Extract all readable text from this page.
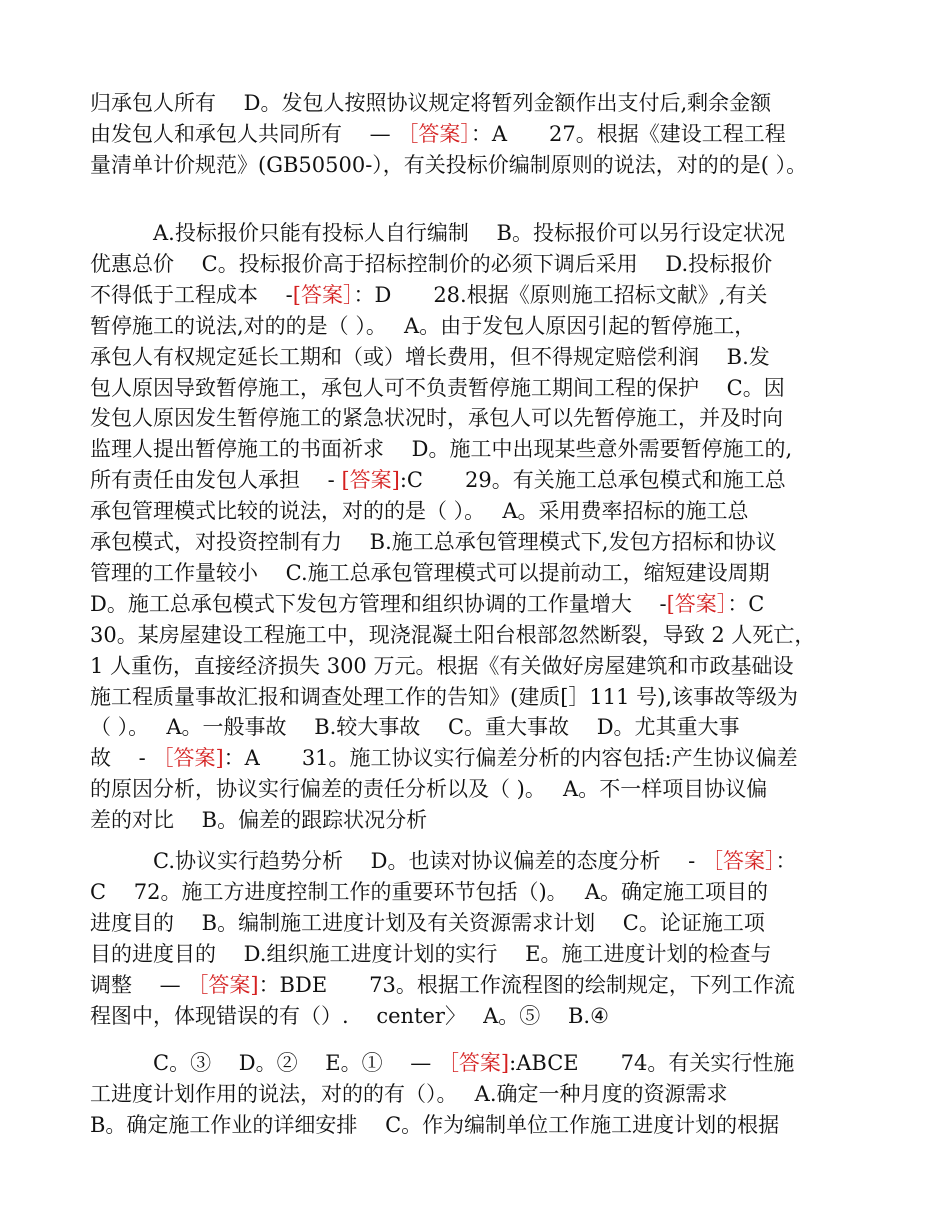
归承包人所有　 D。发包人按照协议规定将暂列金额作出支付后,剩余金额
由发包人和承包人共同所有　 — ［答案］：A　　27。根据《建设工程工程
量清单计价规范》(GB50500-），有关投标价编制原则的说法，对的的是( ）。
　　　A.投标报价只能有投标人自行编制　 B。投标报价可以另行设定状况
优惠总价　 C。投标报价高于招标控制价的必须下调后采用　 D.投标报价
不得低于工程成本　 -[答案］：D　　28.根据《原则施工招标文献》,有关
暂停施工的说法,对的的是（ ）。　 A。由于发包人原因引起的暂停施工，
承包人有权规定延长工期和（或）增长费用，但不得规定赔偿利润　 B.发
包人原因导致暂停施工，承包人可不负责暂停施工期间工程的保护　 C。因
发包人原因发生暂停施工的紧急状况时，承包人可以先暂停施工，并及时向
监理人提出暂停施工的书面祈求　 D。施工中出现某些意外需要暂停施工的,
所有责任由发包人承担　 - [答案]:C　　29。有关施工总承包模式和施工总
承包管理模式比较的说法，对的的是（ ）。　 A。采用费率招标的施工总
承包模式，对投资控制有力　 B.施工总承包管理模式下,发包方招标和协议
管理的工作量较小　 C.施工总承包管理模式可以提前动工，缩短建设周期
D。施工总承包模式下发包方管理和组织协调的工作量增大　 -[答案］：C
30。某房屋建设工程施工中，现浇混凝土阳台根部忽然断裂，导致 2 人死亡，
1 人重伤，直接经济损失 300 万元。根据《有关做好房屋建筑和市政基础设
施工程质量事故汇报和调查处理工作的告知》(建质[］111 号),该事故等级为
（ ）。　 A。一般事故　 B.较大事故　 C。重大事故　 D。尤其重大事
故　 - ［答案]：A　　31。施工协议实行偏差分析的内容包括:产生协议偏差
的原因分析，协议实行偏差的责任分析以及（ )。　 A。不一样项目协议偏
差的对比　 B。偏差的跟踪状况分析
　　　C.协议实行趋势分析　 D。也读对协议偏差的态度分析　 - ［答案］：
C　 72。施工方进度控制工作的重要环节包括（)。　 A。确定施工项目的
进度目的　 B。编制施工进度计划及有关资源需求计划　 C。论证施工项
目的进度目的　 D.组织施工进度计划的实行　 E。施工进度计划的检查与
调整　 — ［答案]：BDE　　73。根据工作流程图的绘制规定，下列工作流
程图中，体现错误的有（）.　 center〉　 A。⑤　 B.④
　　　C。③　 D。②　 E。①　 — ［答案]:ABCE　　74。有关实行性施
工进度计划作用的说法，对的的有（）。　 A.确定一种月度的资源需求
B。确定施工作业的详细安排　 C。作为编制单位工作施工进度计划的根据
